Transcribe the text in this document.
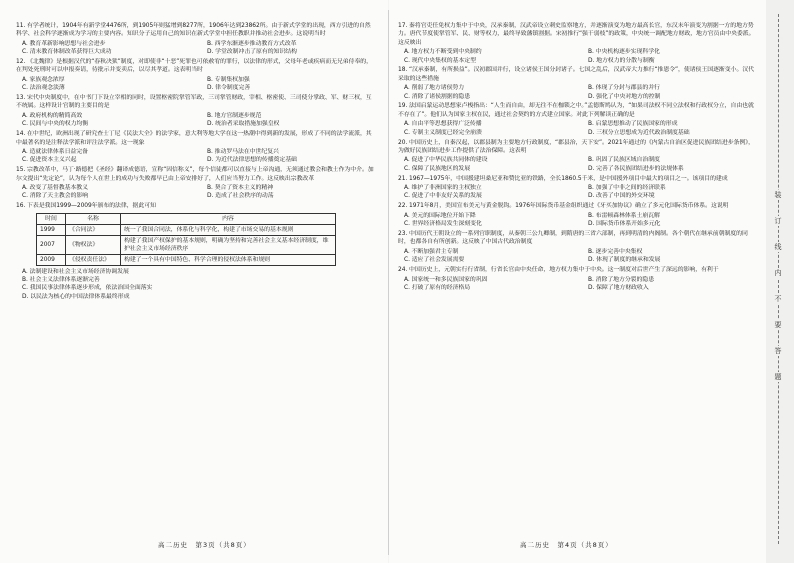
11. 有学者统计，1904年有新学堂4476所，到1905年则猛增到8277所，1906年达到23862所。由于新式学堂的出现，西方引进的自然科学、社会科学逐渐成为学习的主要内容。知识分子运用自己的知识在新式学堂中担任教职并推动社会进步。这说明当时
A. 教育革新影响思想与社会进步	B. 西学东渐逐步推动教育方式改革
C. 清末教育体制改革获得巨大成功	D. 学堂改制冲击了原有的知识结构
12. 《北魏律》是根据汉代的“春秋决狱”制度，对即使非“十恶”死罪也可依赦宥的罪行，以法律的形式，父母年老或疾病而无兄弟侍奉的，在判处死刑时可以申报奏请，待批示并变卖后，以尽其孝道。这表明当时
A. 家族观念浓厚	B. 专制集权加强
C. 法治观念淡薄	D. 律令制度完善
13. 宋代中央制度中，在中书门下设立宰相的同时，设置枢密院掌管军政，三司掌管财政，宰相、枢密使、三司使分掌政、军、财三权，互不统属。这样设计官制的主要目的是
A. 政府机构的精简高效	B. 地方官制逐步规范
C. 民间与中央的权力均衡	D. 统治者采取措施加强皇权
14. 在中世纪，欧洲出现了研究查士丁尼《民法大全》的法学家，意大利等地大学在这一热潮中得到新的发展，形成了不同的法学流派，其中最著名的是注释法学派和评注法学派。这一现象
A. 造就法律体系日益完备	B. 推动罗马法在中世纪复兴
C. 促进资本主义兴起	D. 为近代法律思想的传播奠定基础
15. 宗教改革中，马丁·路德把《圣经》翻译成德语，宣称“因信称义”，每个信徒都可以直接与上帝沟通，无须通过教会和教士作为中介。加尔文提出“先定论”，认为每个人在世上的成功与失败都早已由上帝安排好了，人们应当努力工作。这反映出宗教改革
A. 改变了基督教基本教义	B. 契合了资本主义的精神
C. 消除了天主教会的影响	D. 造成了社会秩序的动荡
16. 下表是我国1999—2009年颁布的法律，据此可知
时间	名称	内容
1999	《合同法》	统一了我国合同法，体系化与科学化，构建了市场交易的基本规则
2007	《物权法》	构建了我国产权保护的基本规则，明确为坚持和完善社会主义基本经济制度，维护社会主义市场经济秩序
2009	《侵权责任法》	构建了一个具有中国特色、科学合理的侵权法体系和规则
A. 法制建设和社会主义市场经济协调发展
B. 社会主义法律体系逐渐完善
C. 我国民事法律体系逐步形成，依法治国全面落实
D. 以民法为核心的中国法律体系最终形成
17. 秦将官吏任免权力集中于中央，汉承秦制，汉武帝设立刺史监察地方，并逐渐演变为地方最高长官，东汉末年演变为割据一方的地方势力。唐代节度使掌管军、民、财等权力，最终导致藩镇割据。宋初推行“强干弱枝”的政策，中央统一调配地方财政，地方官员由中央委派。这反映出
A. 地方权力不断受到中央制约	B. 中央机构逐步实现科学化
C. 现代中央集权的基本定型	D. 地方权力的分散与制衡
18. “汉承秦制，有所损益”。汉初郡国并行，设立诸侯王国分封诸子。七国之乱后，汉武帝大力推行“推恩令”，使诸侯王国逐渐变小。汉代采取的这些措施
A. 削弱了地方诸侯势力	B. 体现了分封与郡县的并行
C. 消除了诸侯割据的隐患	D. 强化了中央对地方的控制
19. 法国启蒙运动思想家卢梭指出：“人生而自由，却无往不在枷锁之中。”孟德斯鸠认为，“如果司法权不同立法权和行政权分立，自由也就不存在了”。他们认为国家主权在民，通过社会契约的方式建立国家。对此下列解读正确的是
A. 自由平等思想获得广泛传播	B. 启蒙思想推动了民族国家的形成
C. 专制主义制度已经完全崩溃	D. 三权分立思想成为近代政治制度基础
20. 中国历史上，自秦汉起，以郡县制为主要地方行政制度，“郡县治，天下安”。2021年通过的《内蒙古自治区促进民族团结进步条例》，为做好民族团结进步工作提供了法治保障。这表明
A. 促进了中华民族共同体的建设	B. 巩固了民族区域自治制度
C. 保障了民族地区的发展	D. 完善了各民族团结进步的法规体系
21. 1967—1975年，中国援建坦桑尼亚和赞比亚的铁路，全长1860.5千米，是中国援外项目中最大的项目之一。该项目的建成
A. 维护了非洲国家的主权独立	B. 加强了中非之间的经济联系
C. 促进了中非友好关系的发展	D. 改善了中国的外交环境
22. 1971年8月，美国宣布美元与黄金脱钩。1976年国际货币基金组织通过《牙买加协议》确立了多元化国际货币体系。这说明
A. 美元的国际地位开始下降	B. 布雷顿森林体系土崩瓦解
C. 世界经济格局发生深刻变化	D. 国际货币体系开始多元化
23. 中国历代王朝设立的一系列官职制度，从秦朝三公九卿制，到隋唐的三省六部制，再到明清的内阁制。各个朝代在继承前朝制度的同时，也都各自有所创新。这反映了中国古代政治制度
A. 不断加强君主专制	B. 逐步完善中央集权
C. 适应了社会发展需要	D. 体现了制度的继承和发展
24. 中国历史上，元朝实行行省制，行省长官由中央任命，地方权力集中于中央。这一制度对后世产生了深远的影响，有利于
A. 国家统一和多民族国家的巩固	B. 消除了地方分裂的隐患
C. 打破了原有的经济格局	D. 保障了地方财政收入
高二历史　第3页（共8页）	高二历史　第4页（共8页）
装
订
线
内
不
要
答
题
